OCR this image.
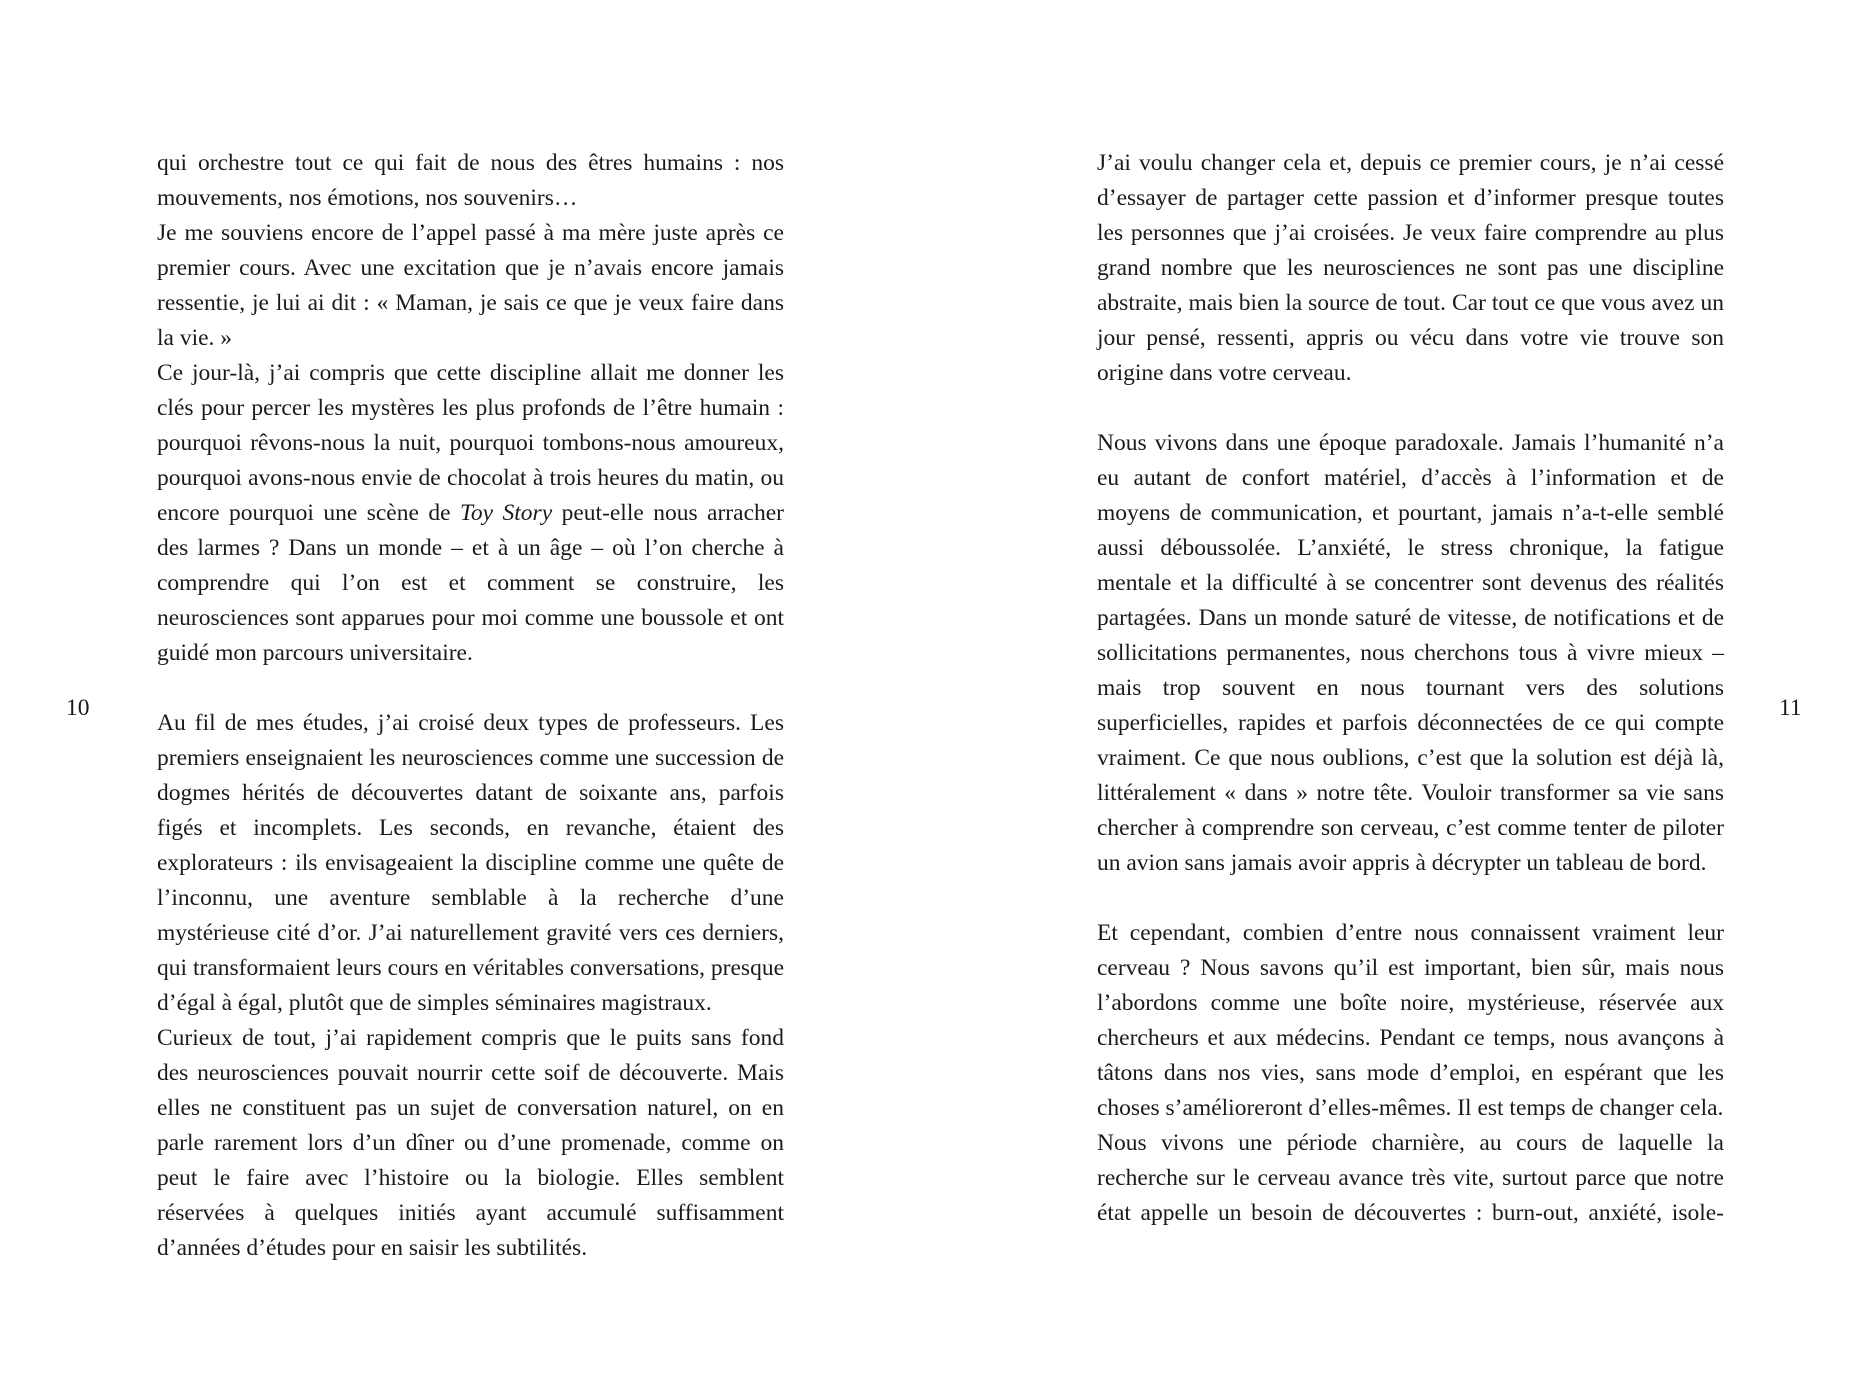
qui orchestre tout ce qui fait de nous des êtres humains : nos mouvements, nos émotions, nos souvenirs…

Je me souviens encore de l’appel passé à ma mère juste après ce premier cours. Avec une excitation que je n’avais encore jamais ressentie, je lui ai dit : « Maman, je sais ce que je veux faire dans la vie. »

Ce jour-là, j’ai compris que cette discipline allait me donner les clés pour percer les mystères les plus profonds de l’être humain : pourquoi rêvons-nous la nuit, pourquoi tombons-nous amoureux, pourquoi avons-nous envie de chocolat à trois heures du matin, ou encore pourquoi une scène de Toy Story peut-elle nous arracher des larmes ? Dans un monde – et à un âge – où l’on cherche à comprendre qui l’on est et comment se construire, les neurosciences sont apparues pour moi comme une boussole et ont guidé mon parcours universitaire.

Au fil de mes études, j’ai croisé deux types de professeurs. Les premiers enseignaient les neurosciences comme une succession de dogmes hérités de découvertes datant de soixante ans, parfois figés et incomplets. Les seconds, en revanche, étaient des explorateurs : ils envisageaient la discipline comme une quête de l’inconnu, une aventure semblable à la recherche d’une mystérieuse cité d’or. J’ai naturellement gravité vers ces derniers, qui transformaient leurs cours en véritables conversations, presque d’égal à égal, plutôt que de simples séminaires magistraux.

Curieux de tout, j’ai rapidement compris que le puits sans fond des neurosciences pouvait nourrir cette soif de découverte. Mais elles ne constituent pas un sujet de conversation naturel, on en parle rarement lors d’un dîner ou d’une promenade, comme on peut le faire avec l’histoire ou la biologie. Elles semblent réservées à quelques initiés ayant accumulé suffisamment d’années d’études pour en saisir les subtilités.

10

J’ai voulu changer cela et, depuis ce premier cours, je n’ai cessé d’essayer de partager cette passion et d’informer presque toutes les personnes que j’ai croisées. Je veux faire comprendre au plus grand nombre que les neurosciences ne sont pas une discipline abstraite, mais bien la source de tout. Car tout ce que vous avez un jour pensé, ressenti, appris ou vécu dans votre vie trouve son origine dans votre cerveau.

Nous vivons dans une époque paradoxale. Jamais l’humanité n’a eu autant de confort matériel, d’accès à l’information et de moyens de communication, et pourtant, jamais n’a-t-elle semblé aussi déboussolée. L’anxiété, le stress chronique, la fatigue mentale et la difficulté à se concentrer sont devenus des réalités partagées. Dans un monde saturé de vitesse, de notifications et de sollicitations permanentes, nous cherchons tous à vivre mieux – mais trop souvent en nous tournant vers des solutions superficielles, rapides et parfois déconnectées de ce qui compte vraiment. Ce que nous oublions, c’est que la solution est déjà là, littéralement « dans » notre tête. Vouloir transformer sa vie sans chercher à comprendre son cerveau, c’est comme tenter de piloter un avion sans jamais avoir appris à décrypter un tableau de bord.

Et cependant, combien d’entre nous connaissent vraiment leur cerveau ? Nous savons qu’il est important, bien sûr, mais nous l’abordons comme une boîte noire, mystérieuse, réservée aux chercheurs et aux médecins. Pendant ce temps, nous avançons à tâtons dans nos vies, sans mode d’emploi, en espérant que les choses s’amélioreront d’elles-mêmes. Il est temps de changer cela.

Nous vivons une période charnière, au cours de laquelle la recherche sur le cerveau avance très vite, surtout parce que notre état appelle un besoin de découvertes : burn-out, anxiété, isole-

11
